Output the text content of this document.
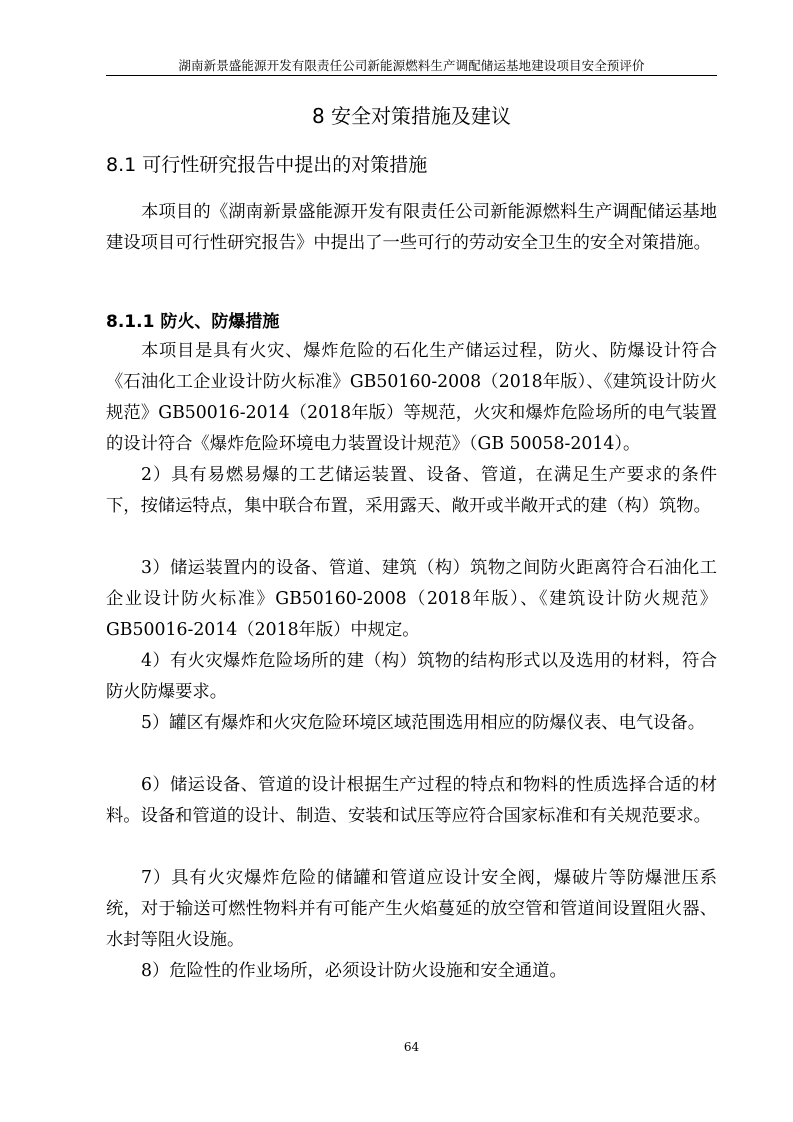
湖南新景盛能源开发有限责任公司新能源燃料生产调配储运基地建设项目安全预评价
8 安全对策措施及建议
8.1 可行性研究报告中提出的对策措施

本项目的《湖南新景盛能源开发有限责任公司新能源燃料生产调配储运基地建设项目可行性研究报告》中提出了一些可行的劳动安全卫生的安全对策措施。

8.1.1 防火、防爆措施

本项目是具有火灾、爆炸危险的石化生产储运过程，防火、防爆设计符合《石油化工企业设计防火标准》GB50160-2008（2018年版）、《建筑设计防火规范》GB50016-2014（2018年版）等规范，火灾和爆炸危险场所的电气装置的设计符合《爆炸危险环境电力装置设计规范》（GB 50058-2014）。

2）具有易燃易爆的工艺储运装置、设备、管道，在满足生产要求的条件下，按储运特点，集中联合布置，采用露天、敞开或半敞开式的建（构）筑物。

3）储运装置内的设备、管道、建筑（构）筑物之间防火距离符合石油化工企业设计防火标准》GB50160-2008（2018年版）、《建筑设计防火规范》GB50016-2014（2018年版）中规定。

4）有火灾爆炸危险场所的建（构）筑物的结构形式以及选用的材料，符合防火防爆要求。

5）罐区有爆炸和火灾危险环境区域范围选用相应的防爆仪表、电气设备。

6）储运设备、管道的设计根据生产过程的特点和物料的性质选择合适的材料。设备和管道的设计、制造、安装和试压等应符合国家标准和有关规范要求。

7）具有火灾爆炸危险的储罐和管道应设计安全阀，爆破片等防爆泄压系统，对于输送可燃性物料并有可能产生火焰蔓延的放空管和管道间设置阻火器、水封等阻火设施。

8）危险性的作业场所，必须设计防火设施和安全通道。

64
